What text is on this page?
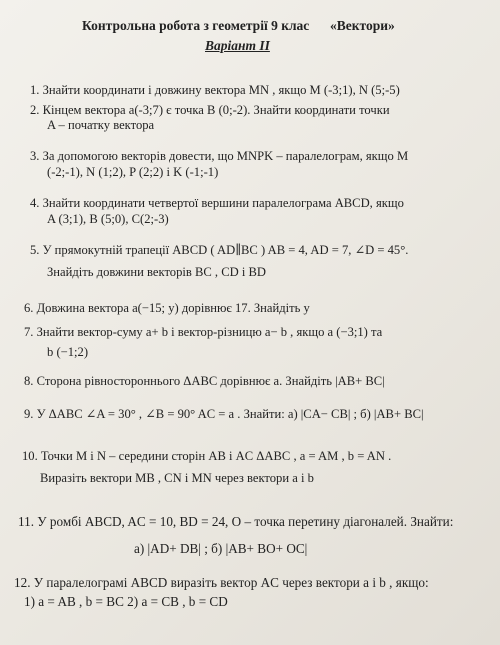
Контрольна робота з геометрії 9 клас «Вектори»
Варіант ІІ
1. Знайти координати і довжину вектора MN , якщо M (-3;1), N (5;-5)
2. Кінцем вектора a(-3;7) є точка B (0;-2). Знайти координати точки
A – початку вектора
3. За допомогою векторів довести, що MNPK – паралелограм, якщо M
(-2;-1), N (1;2), P (2;2) і K (-1;-1)
4. Знайти координати четвертої вершини паралелограма ABCD, якщо
A (3;1), B (5;0), C(2;-3)
5. У прямокутній трапеції ABCD ( AD∥BC ) AB = 4, AD = 7, ∠D = 45°.
Знайдіть довжини векторів BC , CD і BD
6. Довжина вектора a(−15; y) дорівнює 17. Знайдіть y
7. Знайти вектор-суму a+ b і вектор-різницю a− b , якщо a (−3;1) та
b (−1;2)
8. Сторона рівностороннього ΔABC дорівнює a. Знайдіть |AB+ BC|
9. У ΔABC ∠A = 30° , ∠B = 90° AC = a . Знайти: а) |CA− CB| ; б) |AB+ BC|
10. Точки M і N – середини сторін AB і AC ΔABC , a = AM , b = AN .
Виразіть вектори MB , CN і MN через вектори a і b
11. У ромбі ABCD, AC = 10, BD = 24, O – точка перетину діагоналей. Знайти:
а) |AD+ DB| ; б) |AB+ BO+ OC|
12. У паралелограмі ABCD виразіть вектор AC через вектори a і b , якщо:
1) a = AB , b = BC 2) a = CB , b = CD
